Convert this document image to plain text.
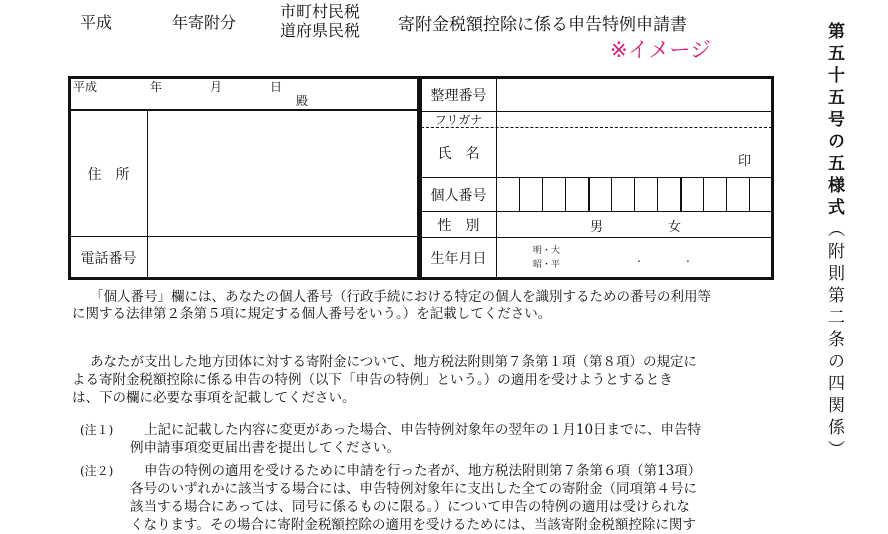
平成	年寄附分
市町村民税
道府県民税 寄附金税額控除に係る申告特例申請書
※イメージ	第五十五号の五様式（附則第二条の四関係）
平成	年	月	日
殿
住　所
電話番号
整理番号
フリガナ
氏　名	印
個人番号
性　別	男	女
生年月日	明・大
昭・平	.	.
「個人番号」欄には、あなたの個人番号（行政手続における特定の個人を識別するための番号の利用等
に関する法律第２条第５項に規定する個人番号をいう。）を記載してください。
あなたが支出した地方団体に対する寄附金について、地方税法附則第７条第１項（第８項）の規定に
よる寄附金税額控除に係る申告の特例（以下「申告の特例」という。）の適用を受けようとするとき
は、下の欄に必要な事項を記載してください。
(注１) 上記に記載した内容に変更があった場合、申告特例対象年の翌年の１月10日までに、申告特
例申請事項変更届出書を提出してください。
(注２) 申告の特例の適用を受けるために申請を行った者が、地方税法附則第７条第６項（第13項）
各号のいずれかに該当する場合には、申告特例対象年に支出した全ての寄附金（同項第４号に
該当する場合にあっては、同号に係るものに限る。）について申告の特例の適用は受けられな
くなります。その場合に寄附金税額控除の適用を受けるためには、当該寄附金税額控除に関す
